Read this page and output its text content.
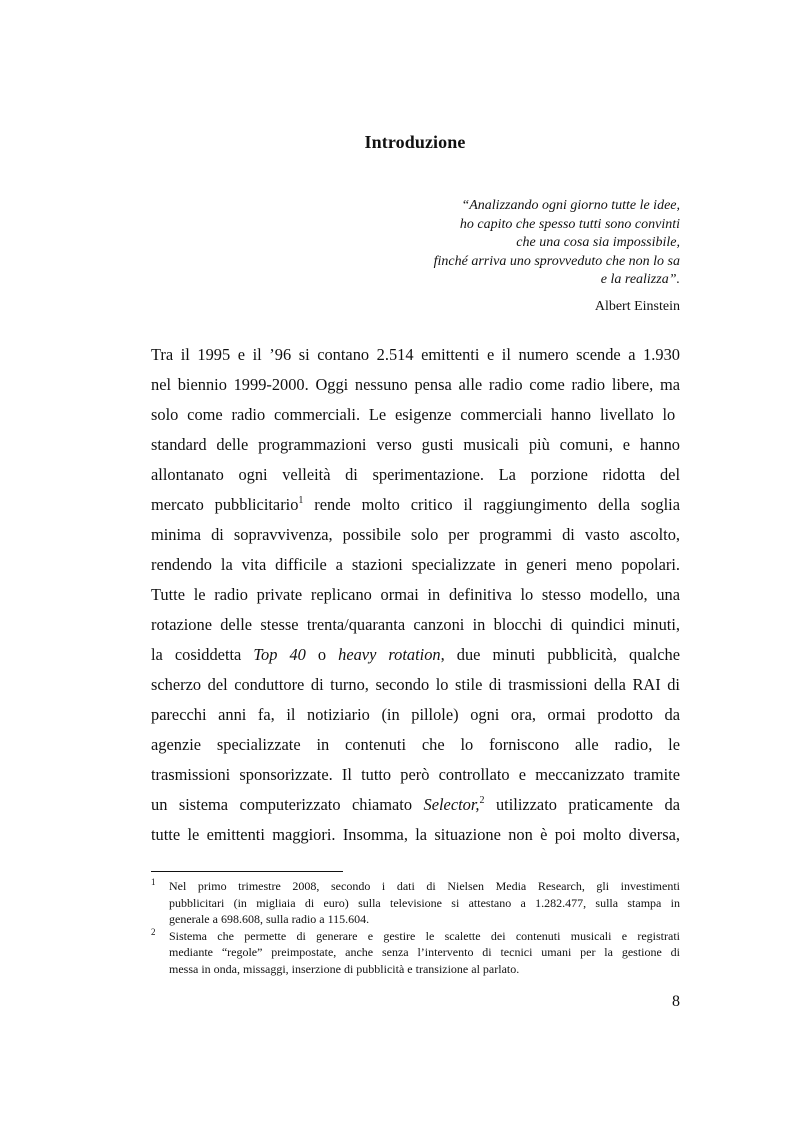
Introduzione
“Analizzando ogni giorno tutte le idee,
ho capito che spesso tutti sono convinti
che una cosa sia impossibile,
finché arriva uno sprovveduto che non lo sa
e la realizza”.
Albert Einstein
Tra il 1995 e il ’96 si contano 2.514 emittenti e il numero scende a 1.930
nel biennio 1999-2000. Oggi nessuno pensa alle radio come radio libere, ma
solo come radio commerciali. Le esigenze commerciali hanno livellato lo
standard delle programmazioni verso gusti musicali più comuni, e hanno
allontanato ogni velleità di sperimentazione. La porzione ridotta del
mercato pubblicitario$^1$ rende molto critico il raggiungimento della soglia
minima di sopravvivenza, possibile solo per programmi di vasto ascolto,
rendendo la vita difficile a stazioni specializzate in generi meno popolari.
Tutte le radio private replicano ormai in definitiva lo stesso modello, una
rotazione delle stesse trenta/quaranta canzoni in blocchi di quindici minuti,
la cosiddetta Top 40 o heavy rotation, due minuti pubblicità, qualche
scherzo del conduttore di turno, secondo lo stile di trasmissioni della RAI di
parecchi anni fa, il notiziario (in pillole) ogni ora, ormai prodotto da
agenzie specializzate in contenuti che lo forniscono alle radio, le
trasmissioni sponsorizzate. Il tutto però controllato e meccanizzato tramite
un sistema computerizzato chiamato Selector,$^2$ utilizzato praticamente da
tutte le emittenti maggiori. Insomma, la situazione non è poi molto diversa,
1 Nel primo trimestre 2008, secondo i dati di Nielsen Media Research, gli investimenti
pubblicitari (in migliaia di euro) sulla televisione si attestano a 1.282.477, sulla stampa in
generale a 698.608, sulla radio a 115.604.
2 Sistema che permette di generare e gestire le scalette dei contenuti musicali e registrati
mediante “regole” preimpostate, anche senza l’intervento di tecnici umani per la gestione di
messa in onda, missaggi, inserzione di pubblicità e transizione al parlato.
8
